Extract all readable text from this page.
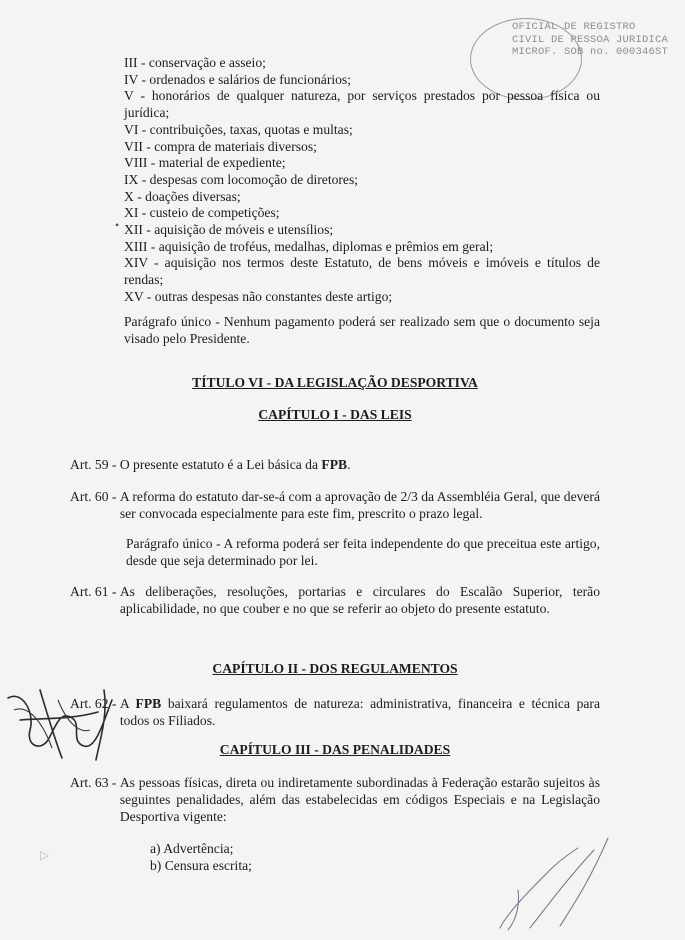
OFICIAL DE REGISTRO
CIVIL DE PESSOA JURIDICA
MICROF. SOB no. 000346ST

III - conservação e asseio;

IV - ordenados e salários de funcionários;

V - honorários de qualquer natureza, por serviços prestados por pessoa física ou

jurídica;

VI - contribuições, taxas, quotas e multas;

VII - compra de materiais diversos;

VIII - material de expediente;

IX - despesas com locomoção de diretores;

X - doações diversas;

XI - custeio de competições;

XII - aquisição de móveis e utensílios;

XIII - aquisição de troféus, medalhas, diplomas e prêmios em geral;

XIV - aquisição nos termos deste Estatuto, de bens móveis e imóveis e títulos de

rendas;

XV - outras despesas não constantes deste artigo;

•

Parágrafo único - Nenhum pagamento poderá ser realizado sem que o documento seja visado pelo Presidente.

TÍTULO VI - DA LEGISLAÇÃO DESPORTIVA
CAPÍTULO I - DAS LEIS
Art. 59 - O presente estatuto é a Lei básica da FPB.
Art. 60 - A reforma do estatuto dar-se-á com a aprovação de 2/3 da Assembléia Geral, que deverá ser convocada especialmente para este fim, prescrito o prazo legal.

Parágrafo único - A reforma poderá ser feita independente do que preceitua este artigo, desde que seja determinado por lei.

Art. 61 - As deliberações, resoluções, portarias e circulares do Escalão Superior, terão aplicabilidade, no que couber e no que se referir ao objeto do presente estatuto.
CAPÍTULO II - DOS REGULAMENTOS
Art. 62 - A FPB baixará regulamentos de natureza: administrativa, financeira e técnica para todos os Filiados.
CAPÍTULO III - DAS PENALIDADES
Art. 63 - As pessoas físicas, direta ou indiretamente subordinadas à Federação estarão sujeitos às seguintes penalidades, além das estabelecidas em códigos Especiais e na Legislação Desportiva vigente:
a) Advertência;
b) Censura escrita;
▷
